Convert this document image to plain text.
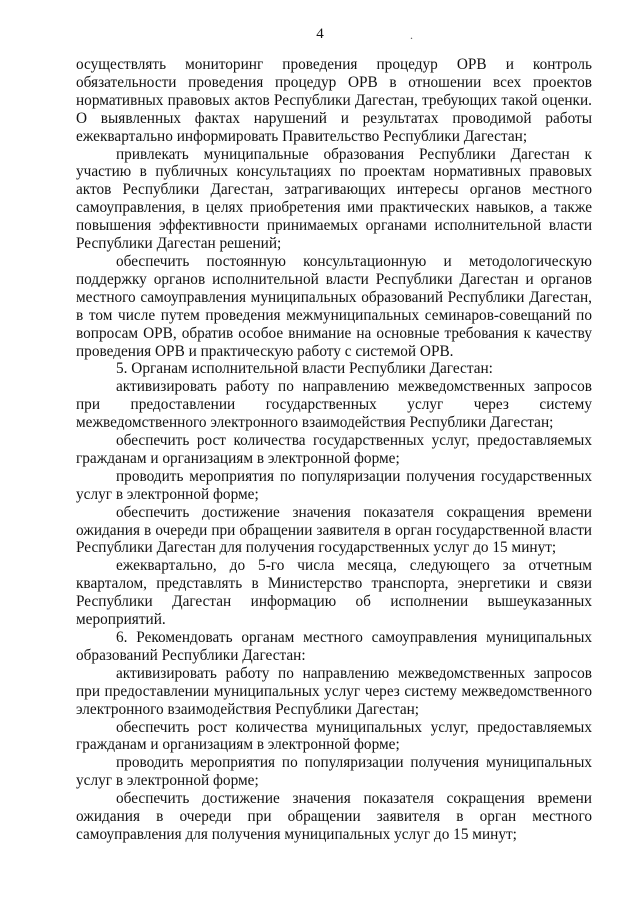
4	.

осуществлять мониторинг проведения процедур ОРВ и контроль обязательности проведения процедур ОРВ в отношении всех проектов нормативных правовых актов Республики Дагестан, требующих такой оценки. О выявленных фактах нарушений и результатах проводимой работы ежеквартально информировать Правительство Республики Дагестан;

привлекать муниципальные образования Республики Дагестан к участию в публичных консультациях по проектам нормативных правовых актов Республики Дагестан, затрагивающих интересы органов местного самоуправления, в целях приобретения ими практических навыков, а также повышения эффективности принимаемых органами исполнительной власти Республики Дагестан решений;

обеспечить постоянную консультационную и методологическую поддержку органов исполнительной власти Республики Дагестан и органов местного самоуправления муниципальных образований Республики Дагестан, в том числе путем проведения межмуниципальных семинаров-совещаний по вопросам ОРВ, обратив особое внимание на основные требования к качеству проведения ОРВ и практическую работу с системой ОРВ.

5. Органам исполнительной власти Республики Дагестан:

активизировать работу по направлению межведомственных запросов при предоставлении государственных услуг через систему межведомственного электронного взаимодействия Республики Дагестан;

обеспечить рост количества государственных услуг, предоставляемых гражданам и организациям в электронной форме;

проводить мероприятия по популяризации получения государственных услуг в электронной форме;

обеспечить достижение значения показателя сокращения времени ожидания в очереди при обращении заявителя в орган государственной власти Республики Дагестан для получения государственных услуг до 15 минут;

ежеквартально, до 5-го числа месяца, следующего за отчетным кварталом, представлять в Министерство транспорта, энергетики и связи Республики Дагестан информацию об исполнении вышеуказанных мероприятий.

6. Рекомендовать органам местного самоуправления муниципальных образований Республики Дагестан:

активизировать работу по направлению межведомственных запросов при предоставлении муниципальных услуг через систему межведомственного электронного взаимодействия Республики Дагестан;

обеспечить рост количества муниципальных услуг, предоставляемых гражданам и организациям в электронной форме;

проводить мероприятия по популяризации получения муниципальных услуг в электронной форме;

обеспечить достижение значения показателя сокращения времени ожидания в очереди при обращении заявителя в орган местного самоуправления для получения муниципальных услуг до 15 минут;
